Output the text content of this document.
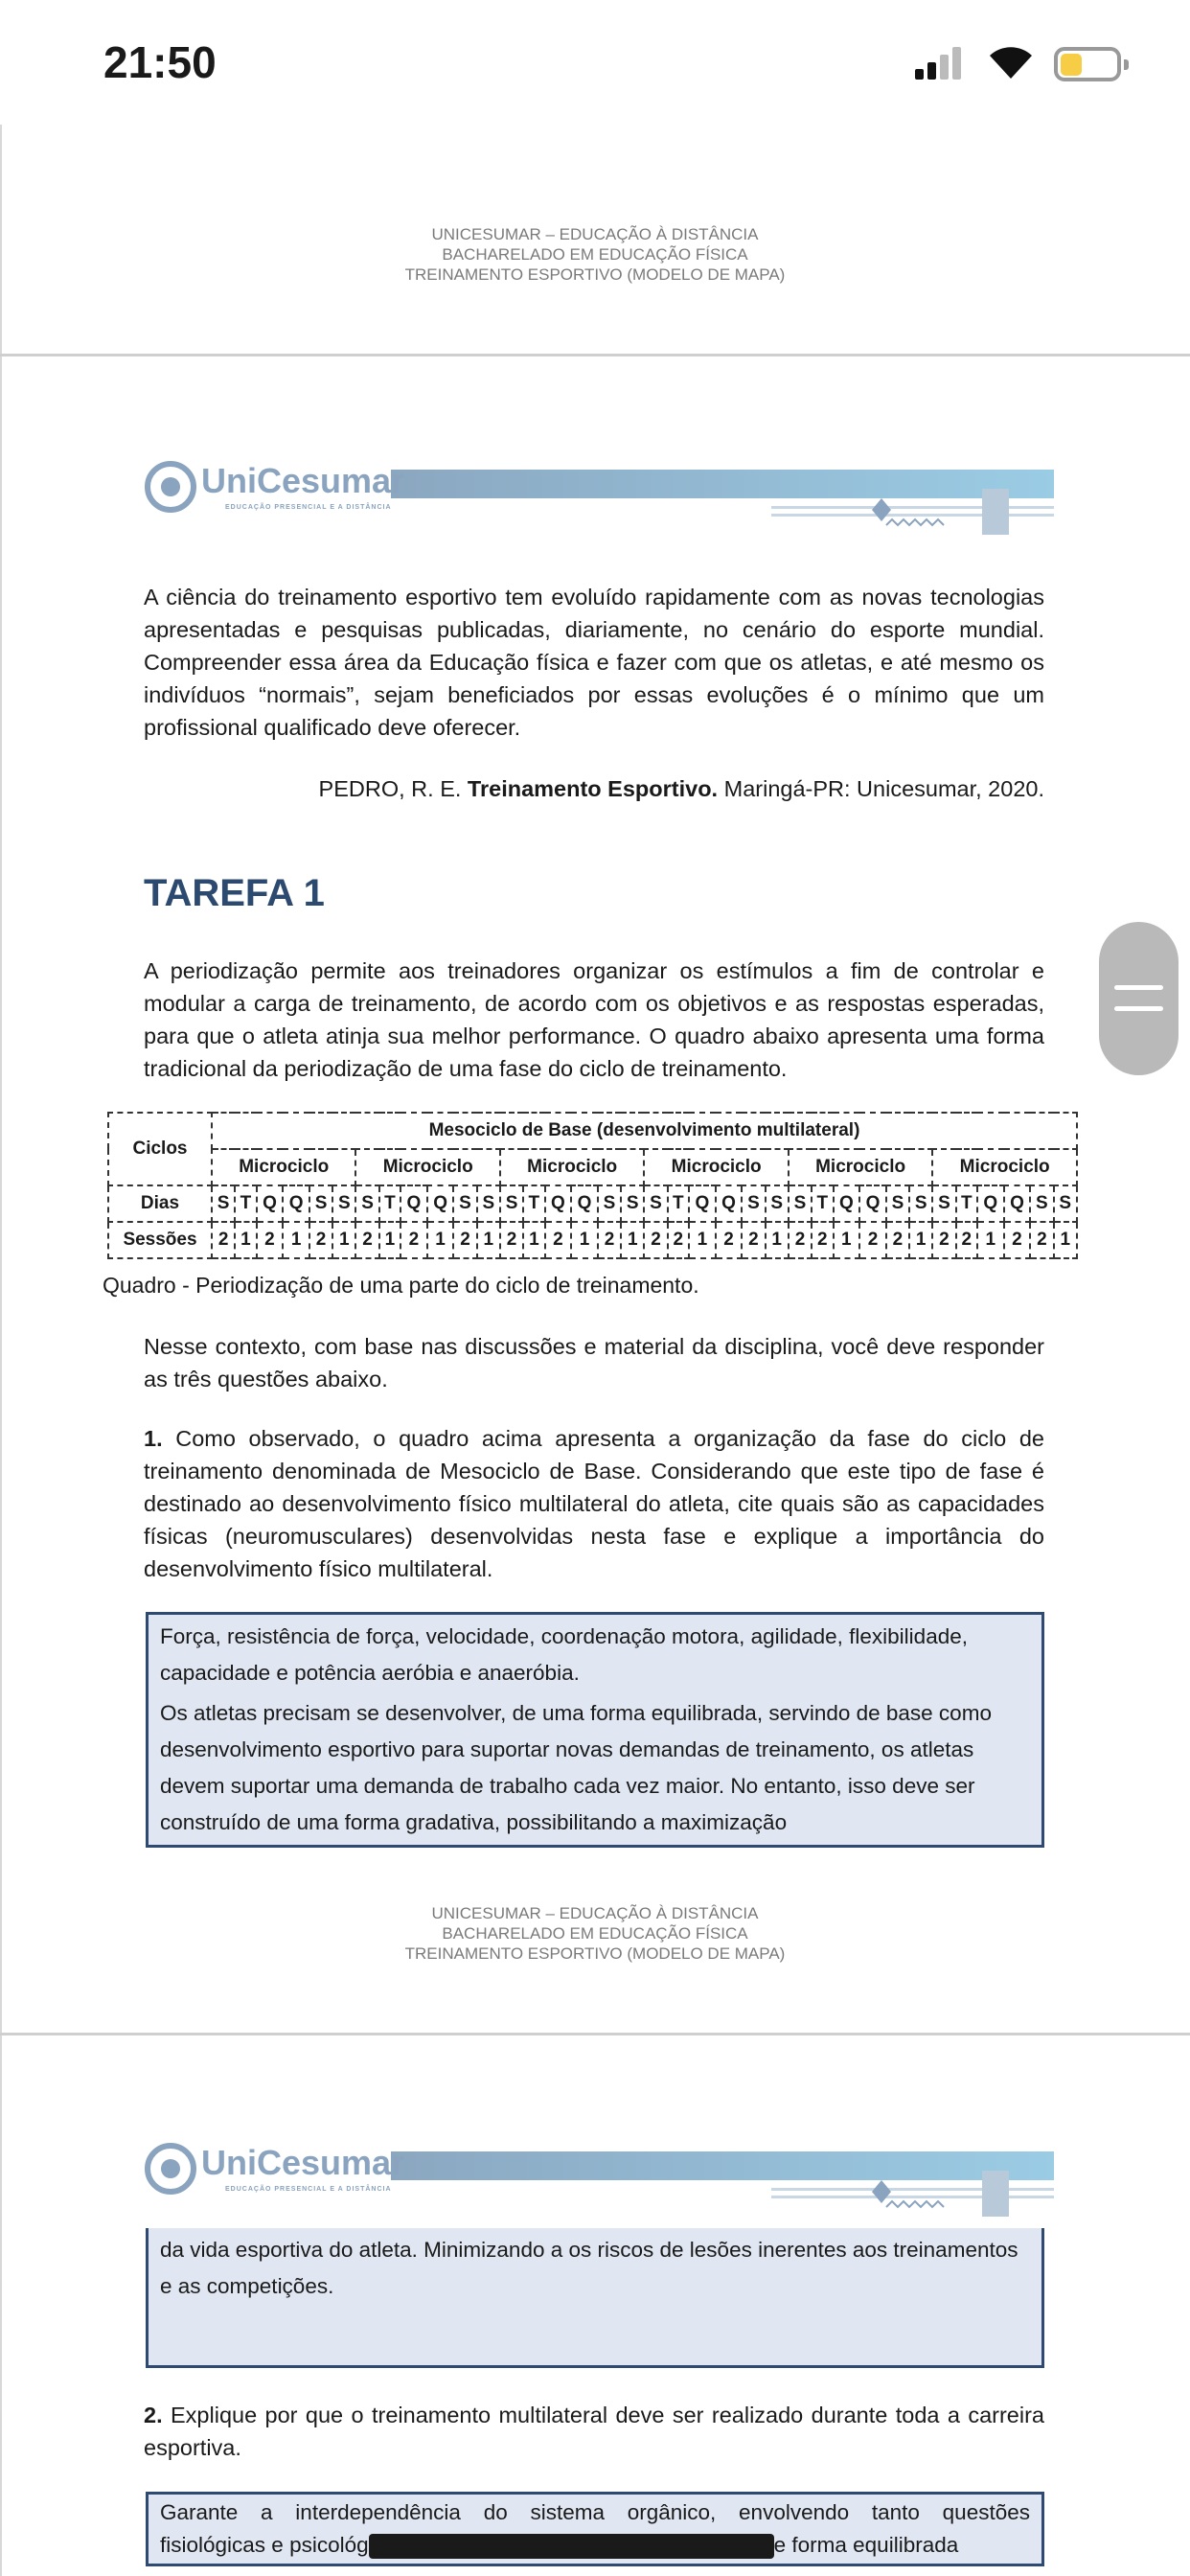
21:50
UNICESUMAR – EDUCAÇÃO À DISTÂNCIA
BACHARELADO EM EDUCAÇÃO FÍSICA
TREINAMENTO ESPORTIVO (MODELO DE MAPA)
UniCesumar
EDUCAÇÃO PRESENCIAL E A DISTÂNCIA
A ciência do treinamento esportivo tem evoluído rapidamente com as novas tecnologias apresentadas e pesquisas publicadas, diariamente, no cenário do esporte mundial. Compreender essa área da Educação física e fazer com que os atletas, e até mesmo os indivíduos “normais”, sejam beneficiados por essas evoluções é o mínimo que um profissional qualificado deve oferecer.
PEDRO, R. E. Treinamento Esportivo. Maringá-PR: Unicesumar, 2020.
TAREFA 1
A periodização permite aos treinadores organizar os estímulos a fim de controlar e modular a carga de treinamento, de acordo com os objetivos e as respostas esperadas, para que o atleta atinja sua melhor performance. O quadro abaixo apresenta uma forma tradicional da periodização de uma fase do ciclo de treinamento.
Ciclos	Mesociclo de Base (desenvolvimento multilateral)																																			
	Microciclo						Microciclo						Microciclo						Microciclo						Microciclo						Microciclo					
Dias	S	T	Q	Q	S	S	S	T	Q	Q	S	S	S	T	Q	Q	S	S	S	T	Q	Q	S	S	S	T	Q	Q	S	S	S	T	Q	Q	S	S
Sessões	2	1	2	1	2	1	2	1	2	1	2	1	2	1	2	1	2	1	2	2	1	2	2	1	2	2	1	2	2	1	2	2	1	2	2	1
Quadro - Periodização de uma parte do ciclo de treinamento.
Nesse contexto, com base nas discussões e material da disciplina, você deve responder as três questões abaixo.
1. Como observado, o quadro acima apresenta a organização da fase do ciclo de treinamento denominada de Mesociclo de Base. Considerando que este tipo de fase é destinado ao desenvolvimento físico multilateral do atleta, cite quais são as capacidades físicas (neuromusculares) desenvolvidas nesta fase e explique a importância do desenvolvimento físico multilateral.
Força, resistência de força, velocidade, coordenação motora, agilidade, flexibilidade, capacidade e potência aeróbia e anaeróbia.
Os atletas precisam se desenvolver, de uma forma equilibrada, servindo de base como desenvolvimento esportivo para suportar novas demandas de treinamento, os atletas devem suportar uma demanda de trabalho cada vez maior. No entanto, isso deve ser construído de uma forma gradativa, possibilitando a maximização
UNICESUMAR – EDUCAÇÃO À DISTÂNCIA
BACHARELADO EM EDUCAÇÃO FÍSICA
TREINAMENTO ESPORTIVO (MODELO DE MAPA)
UniCesumar
EDUCAÇÃO PRESENCIAL E A DISTÂNCIA
da vida esportiva do atleta. Minimizando a os riscos de lesões inerentes aos treinamentos e as competições.
2. Explique por que o treinamento multilateral deve ser realizado durante toda a carreira esportiva.
Garante a interdependência do sistema orgânico, envolvendo tanto questões
fisiológicas e psicológ	e forma equilibrada
